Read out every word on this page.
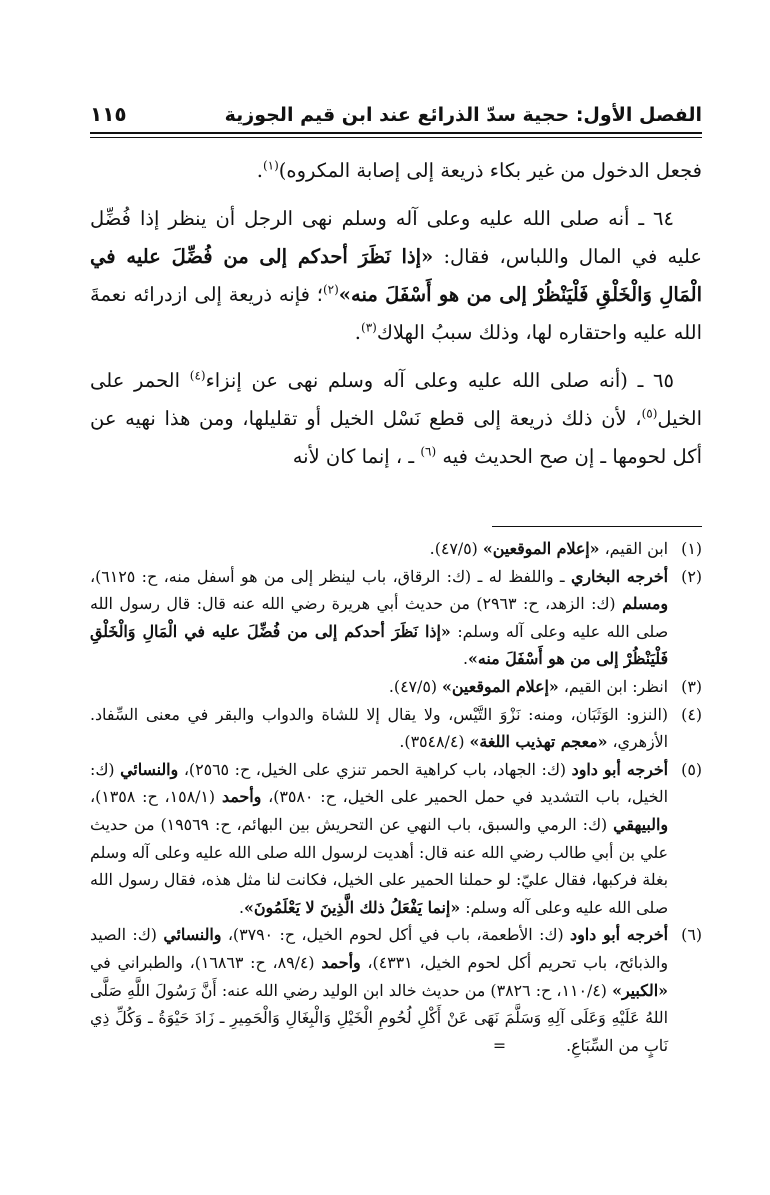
الفصل الأول: حجية سدّ الذرائع عند ابن قيم الجوزية
١١٥

فجعل الدخول من غير بكاء ذريعة إلى إصابة المكروه)$^{(١)}$.

٦٤ ـ أنه صلى الله عليه وعلى آله وسلم نهى الرجل أن ينظر إذا فُضِّل عليه في المال واللباس، فقال: «إذا نَظَرَ أحدكم إلى من فُضِّلَ عليه في الْمَالِ وَالْخَلْقِ فَلْيَنْظُرْ إلى من هو أَسْفَلَ منه»$^{(٢)}$؛ فإنه ذريعة إلى ازدرائه نعمةَ الله عليه واحتقاره لها، وذلك سببُ الهلاك$^{(٣)}$.

٦٥ ـ (أنه صلى الله عليه وعلى آله وسلم نهى عن إنزاء$^{(٤)}$ الحمر على الخيل$^{(٥)}$، لأن ذلك ذريعة إلى قطع نَسْل الخيل أو تقليلها، ومن هذا نهيه عن أكل لحومها ـ إن صح الحديث فيه $^{(٦)}$ ـ ، إنما كان لأنه

(١)
ابن القيم، «إعلام الموقعين» (٤٧/٥).
(٢)
أخرجه البخاري ـ واللفظ له ـ (ك: الرقاق، باب لينظر إلى من هو أسفل منه، ح: ٦١٢٥)، ومسلم (ك: الزهد، ح: ٢٩٦٣) من حديث أبي هريرة رضي الله عنه قال: قال رسول الله صلى الله عليه وعلى آله وسلم: «إذا نَظَرَ أحدكم إلى من فُضِّلَ عليه في الْمَالِ وَالْخَلْقِ فَلْيَنْظُرْ إلى من هو أَسْفَلَ منه».
(٣)
انظر: ابن القيم، «إعلام الموقعين» (٤٧/٥).
(٤)
(النزو: الوَثَبَان، ومنه: نَزْوَ التَّيْس، ولا يقال إلا للشاة والدواب والبقر في معنى السِّفاد. الأزهري، «معجم تهذيب اللغة» (٣٥٤٨/٤).
(٥)
أخرجه أبو داود (ك: الجهاد، باب كراهية الحمر تنزي على الخيل، ح: ٢٥٦٥)، والنسائي (ك: الخيل، باب التشديد في حمل الحمير على الخيل، ح: ٣٥٨٠)، وأحمد (١٥٨/١، ح: ١٣٥٨)، والبيهقي (ك: الرمي والسبق، باب النهي عن التحريش بين البهائم، ح: ١٩٥٦٩) من حديث علي بن أبي طالب رضي الله عنه قال: أهديت لرسول الله صلى الله عليه وعلى آله وسلم بغلة فركبها، فقال عليّ: لو حملنا الحمير على الخيل، فكانت لنا مثل هذه، فقال رسول الله صلى الله عليه وعلى آله وسلم: «إنما يَفْعَلُ ذلك الَّذِينَ لا يَعْلَمُونَ».
(٦)
أخرجه أبو داود (ك: الأطعمة، باب في أكل لحوم الخيل، ح: ٣٧٩٠)، والنسائي (ك: الصيد والذبائح، باب تحريم أكل لحوم الخيل، ٤٣٣١)، وأحمد (٨٩/٤، ح: ١٦٨٦٣)، والطبراني في «الكبير» (١١٠/٤، ح: ٣٨٢٦) من حديث خالد ابن الوليد رضي الله عنه: أَنَّ رَسُولَ اللَّهِ صَلَّى اللهُ عَلَيْهِ وَعَلَى آلِهِ وَسَلَّمَ نَهَى عَنْ أَكْلِ لُحُومِ الْخَيْلِ وَالْبِغَالِ وَالْحَمِيرِ ـ زَادَ حَيْوَةُ ـ وَكُلِّ ذِي نَابٍ من السِّبَاعِ.=
